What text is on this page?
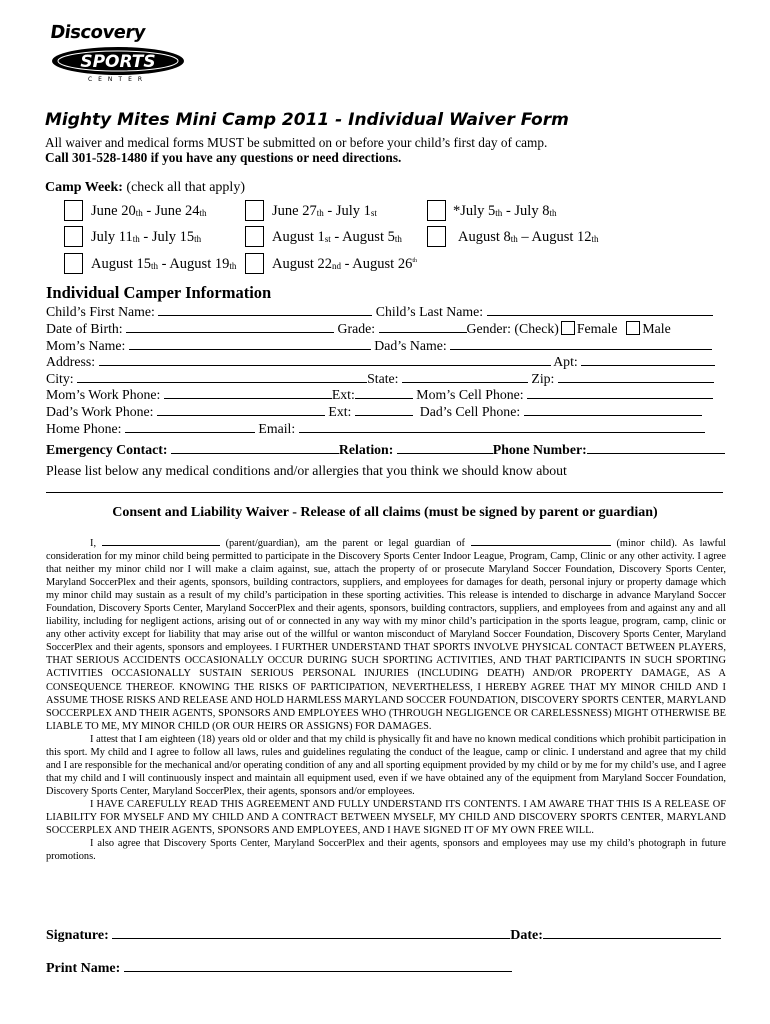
Discovery
SPORTS
CENTER
Mighty Mites Mini Camp 2011 - Individual Waiver Form
All waiver and medical forms MUST be submitted on or before your child’s first day of camp.
Call 301-528-1480 if you have any questions or need directions.
Camp Week: (check all that apply)
June $20_{th}$ - June $24_{th}$	June $27_{th}$ - July $1_{st}$	*July $5_{th}$ - July $8_{th}$
July $11_{th}$ - July $15_{th}$	August $1_{st}$ - August $5_{th}$	August $8_{th}$ – August $12_{th}$
August $15_{th}$ - August $19_{th}$ August $22_{nd}$ - August 26th
Individual Camper Information
Child’s First Name:	Child’s Last Name:
Date of Birth:	Grade:	Gender: (Check) Female Male
Mom’s Name:	Dad’s Name:
Address:	Apt:
City:	State:	Zip:
Mom’s Work Phone:	Ext:	Mom’s Cell Phone:
Dad’s Work Phone:	Ext:	Dad’s Cell Phone:
Home Phone:	Email:
Emergency Contact:	Relation:	Phone Number:
Please list below any medical conditions and/or allergies that you think we should know about
Consent and Liability Waiver - Release of all claims (must be signed by parent or guardian)

I,	(parent/guardian), am the parent or legal guardian of	(minor child). As lawful consideration for my minor child being permitted to participate in the Discovery Sports Center Indoor League, Program, Camp, Clinic or any other activity. I agree that neither my minor child nor I will make a claim against, sue, attach the property of or prosecute Maryland Soccer Foundation, Discovery Sports Center, Maryland SoccerPlex and their agents, sponsors, building contractors, suppliers, and employees for damages for death, personal injury or property damage which my minor child may sustain as a result of my child’s participation in these sporting activities. This release is intended to discharge in advance Maryland Soccer Foundation, Discovery Sports Center, Maryland SoccerPlex and their agents, sponsors, building contractors, suppliers, and employees from and against any and all liability, including for negligent actions, arising out of or connected in any way with my minor child’s participation in the sports league, program, camp, clinic or any other activity except for liability that may arise out of the willful or wanton misconduct of Maryland Soccer Foundation, Discovery Sports Center, Maryland SoccerPlex and their agents, sponsors and employees. I FURTHER UNDERSTAND THAT SPORTS INVOLVE PHYSICAL CONTACT BETWEEN PLAYERS, THAT SERIOUS ACCIDENTS OCCASIONALLY OCCUR DURING SUCH SPORTING ACTIVITIES, AND THAT PARTICIPANTS IN SUCH SPORTING ACTIVITIES OCCASIONALLY SUSTAIN SERIOUS PERSONAL INJURIES (INCLUDING DEATH) AND/OR PROPERTY DAMAGE, AS A CONSEQUENCE THEREOF. KNOWING THE RISKS OF PARTICIPATION, NEVERTHELESS, I HEREBY AGREE THAT MY MINOR CHILD AND I ASSUME THOSE RISKS AND RELEASE AND HOLD HARMLESS MARYLAND SOCCER FOUNDATION, DISCOVERY SPORTS CENTER, MARYLAND SOCCERPLEX AND THEIR AGENTS, SPONSORS AND EMPLOYEES WHO (THROUGH NEGLIGENCE OR CARELESSNESS) MIGHT OTHERWISE BE LIABLE TO ME, MY MINOR CHILD (OR OUR HEIRS OR ASSIGNS) FOR DAMAGES.

I attest that I am eighteen (18) years old or older and that my child is physically fit and have no known medical conditions which prohibit participation in this sport. My child and I agree to follow all laws, rules and guidelines regulating the conduct of the league, camp or clinic. I understand and agree that my child and I are responsible for the mechanical and/or operating condition of any and all sporting equipment provided by my child or by me for my child’s use, and I agree that my child and I will continuously inspect and maintain all equipment used, even if we have obtained any of the equipment from Maryland Soccer Foundation, Discovery Sports Center, Maryland SoccerPlex, their agents, sponsors and/or employees.

I HAVE CAREFULLY READ THIS AGREEMENT AND FULLY UNDERSTAND ITS CONTENTS. I AM AWARE THAT THIS IS A RELEASE OF LIABILITY FOR MYSELF AND MY CHILD AND A CONTRACT BETWEEN MYSELF, MY CHILD AND DISCOVERY SPORTS CENTER, MARYLAND SOCCERPLEX AND THEIR AGENTS, SPONSORS AND EMPLOYEES, AND I HAVE SIGNED IT OF MY OWN FREE WILL.

I also agree that Discovery Sports Center, Maryland SoccerPlex and their agents, sponsors and employees may use my child’s photograph in future promotions.

Signature:	Date:
Print Name:
